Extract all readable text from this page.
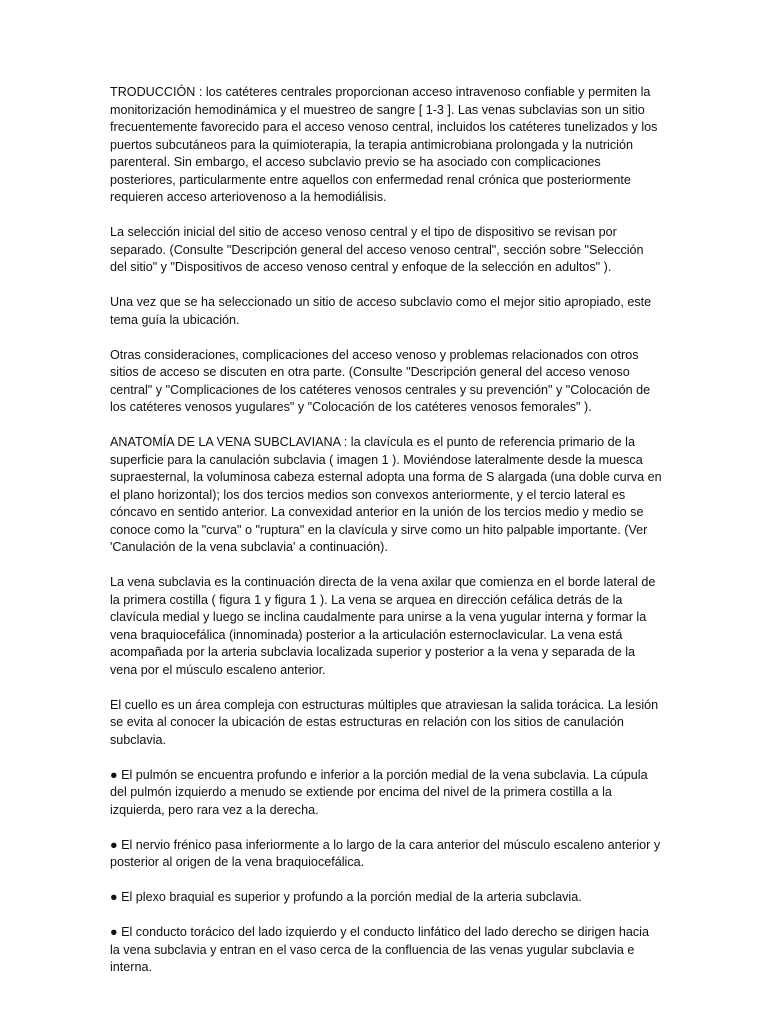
TRODUCCIÓN : los catéteres centrales proporcionan acceso intravenoso confiable y permiten la monitorización hemodinámica y el muestreo de sangre [ 1-3 ]. Las venas subclavias son un sitio frecuentemente favorecido para el acceso venoso central, incluidos los catéteres tunelizados y los puertos subcutáneos para la quimioterapia, la terapia antimicrobiana prolongada y la nutrición parenteral. Sin embargo, el acceso subclavio previo se ha asociado con complicaciones posteriores, particularmente entre aquellos con enfermedad renal crónica que posteriormente requieren acceso arteriovenoso a la hemodiálisis.

La selección inicial del sitio de acceso venoso central y el tipo de dispositivo se revisan por separado. (Consulte "Descripción general del acceso venoso central", sección sobre "Selección del sitio" y "Dispositivos de acceso venoso central y enfoque de la selección en adultos" ).

Una vez que se ha seleccionado un sitio de acceso subclavio como el mejor sitio apropiado, este tema guía la ubicación.

Otras consideraciones, complicaciones del acceso venoso y problemas relacionados con otros sitios de acceso se discuten en otra parte. (Consulte "Descripción general del acceso venoso central" y "Complicaciones de los catéteres venosos centrales y su prevención" y "Colocación de los catéteres venosos yugulares" y "Colocación de los catéteres venosos femorales" ).

ANATOMÍA DE LA VENA SUBCLAVIANA : la clavícula es el punto de referencia primario de la superficie para la canulación subclavia ( imagen 1 ). Moviéndose lateralmente desde la muesca supraesternal, la voluminosa cabeza esternal adopta una forma de S alargada (una doble curva en el plano horizontal); los dos tercios medios son convexos anteriormente, y el tercio lateral es cóncavo en sentido anterior. La convexidad anterior en la unión de los tercios medio y medio se conoce como la "curva" o "ruptura" en la clavícula y sirve como un hito palpable importante. (Ver 'Canulación de la vena subclavia' a continuación).

La vena subclavia es la continuación directa de la vena axilar que comienza en el borde lateral de la primera costilla ( figura 1 y figura 1 ). La vena se arquea en dirección cefálica detrás de la clavícula medial y luego se inclina caudalmente para unirse a la vena yugular interna y formar la vena braquiocefálica (innominada) posterior a la articulación esternoclavicular. La vena está acompañada por la arteria subclavia localizada superior y posterior a la vena y separada de la vena por el músculo escaleno anterior.

El cuello es un área compleja con estructuras múltiples que atraviesan la salida torácica. La lesión se evita al conocer la ubicación de estas estructuras en relación con los sitios de canulación subclavia.

● El pulmón se encuentra profundo e inferior a la porción medial de la vena subclavia. La cúpula del pulmón izquierdo a menudo se extiende por encima del nivel de la primera costilla a la izquierda, pero rara vez a la derecha.

● El nervio frénico pasa inferiormente a lo largo de la cara anterior del músculo escaleno anterior y posterior al origen de la vena braquiocefálica.

● El plexo braquial es superior y profundo a la porción medial de la arteria subclavia.

● El conducto torácico del lado izquierdo y el conducto linfático del lado derecho se dirigen hacia la vena subclavia y entran en el vaso cerca de la confluencia de las venas yugular subclavia e interna.
